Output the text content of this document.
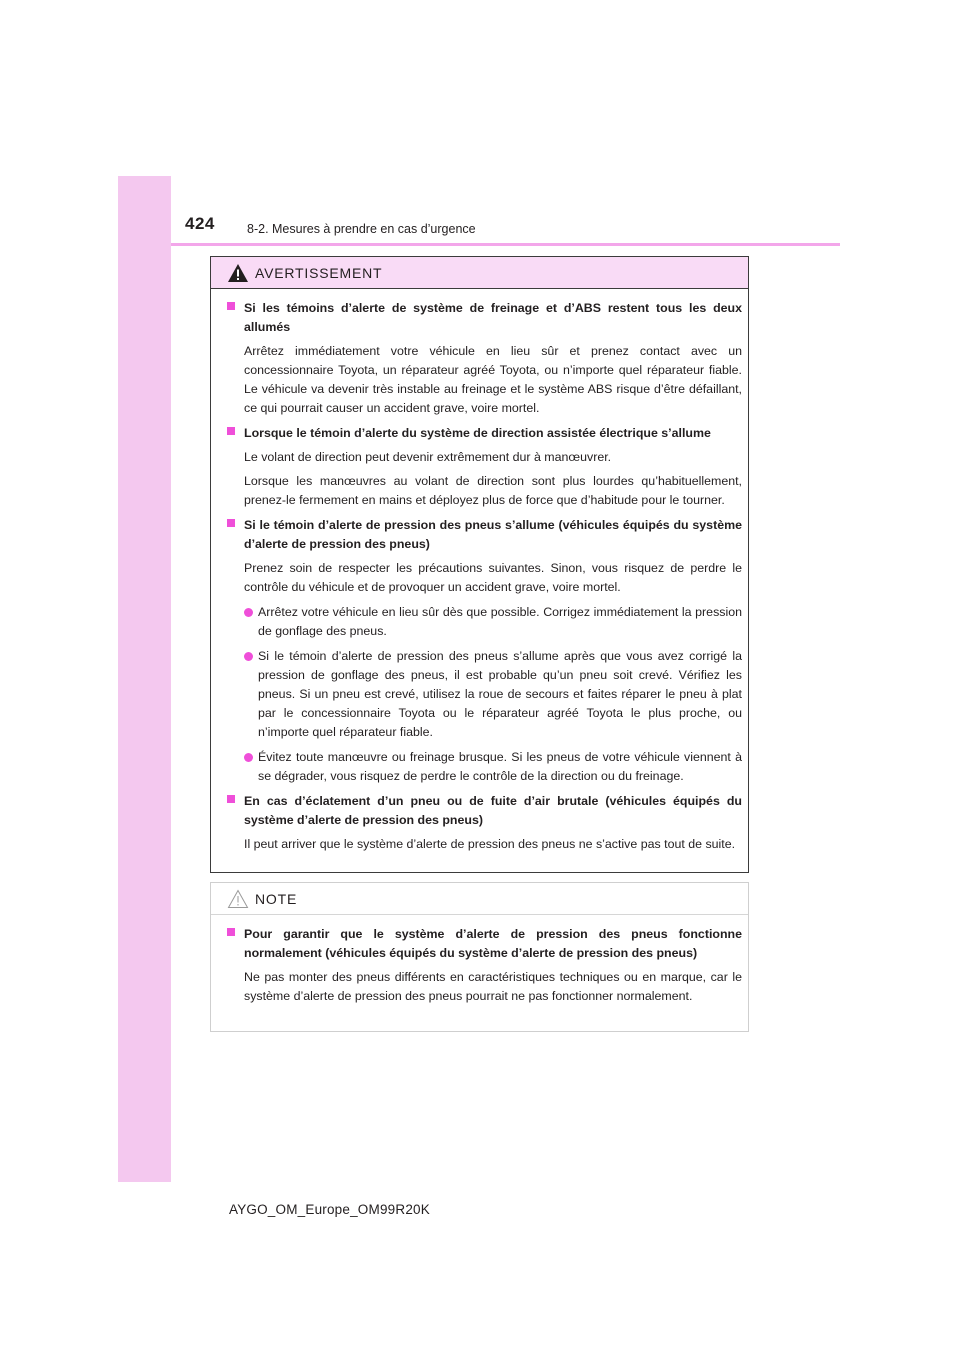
424	8-2. Mesures à prendre en cas d’urgence
AVERTISSEMENT
Si les témoins d’alerte de système de freinage et d’ABS restent tous les deux allumés
Arrêtez immédiatement votre véhicule en lieu sûr et prenez contact avec un concessionnaire Toyota, un réparateur agréé Toyota, ou n’importe quel réparateur fiable. Le véhicule va devenir très instable au freinage et le système ABS risque d’être défaillant, ce qui pourrait causer un accident grave, voire mortel.
Lorsque le témoin d’alerte du système de direction assistée électrique s’allume
Le volant de direction peut devenir extrêmement dur à manœuvrer.
Lorsque les manœuvres au volant de direction sont plus lourdes qu’habituellement, prenez-le fermement en mains et déployez plus de force que d’habitude pour le tourner.
Si le témoin d’alerte de pression des pneus s’allume (véhicules équipés du système d’alerte de pression des pneus)
Prenez soin de respecter les précautions suivantes. Sinon, vous risquez de perdre le contrôle du véhicule et de provoquer un accident grave, voire mortel.
Arrêtez votre véhicule en lieu sûr dès que possible. Corrigez immédiatement la pression de gonflage des pneus.
Si le témoin d’alerte de pression des pneus s’allume après que vous avez corrigé la pression de gonflage des pneus, il est probable qu’un pneu soit crevé. Vérifiez les pneus. Si un pneu est crevé, utilisez la roue de secours et faites réparer le pneu à plat par le concessionnaire Toyota ou le réparateur agréé Toyota le plus proche, ou n’importe quel réparateur fiable.
Évitez toute manœuvre ou freinage brusque. Si les pneus de votre véhicule viennent à se dégrader, vous risquez de perdre le contrôle de la direction ou du freinage.
En cas d’éclatement d’un pneu ou de fuite d’air brutale (véhicules équipés du système d’alerte de pression des pneus)
Il peut arriver que le système d’alerte de pression des pneus ne s’active pas tout de suite.
NOTE
Pour garantir que le système d’alerte de pression des pneus fonctionne normalement (véhicules équipés du système d’alerte de pression des pneus)
Ne pas monter des pneus différents en caractéristiques techniques ou en marque, car le système d’alerte de pression des pneus pourrait ne pas fonctionner normalement.
AYGO_OM_Europe_OM99R20K
